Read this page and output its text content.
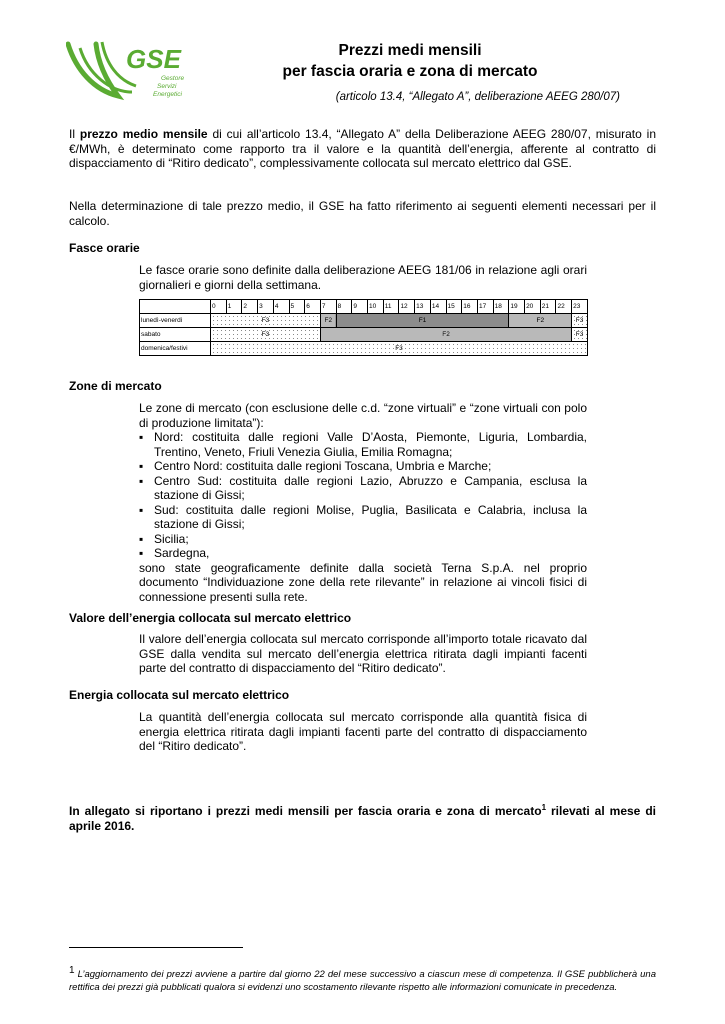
GSE
Gestore
Servizi
Energetici
Prezzi medi mensili
per fascia oraria e zona di mercato
(articolo 13.4, “Allegato A”, deliberazione AEEG 280/07)
Il prezzo medio mensile di cui all’articolo 13.4, “Allegato A” della Deliberazione AEEG 280/07, misurato in €/MWh, è determinato come rapporto tra il valore e la quantità dell’energia, afferente al contratto di dispacciamento di “Ritiro dedicato”, complessivamente collocata sul mercato elettrico dal GSE.
Nella determinazione di tale prezzo medio, il GSE ha fatto riferimento ai seguenti elementi necessari per il calcolo.
Fasce orarie
Le fasce orarie sono definite dalla deliberazione AEEG 181/06 in relazione agli orari giornalieri e giorni della settimana.
	0	1	2	3	4	5	6	7	8	9	10	11	12	13	14	15	16	17	18	19	20	21	22	23
lunedì-venerdì	F3							F2	F1											F2				F3
sabato	F3							F2																F3
domenica/festivi	F3																							
Zone di mercato
Le zone di mercato (con esclusione delle c.d. “zone virtuali” e “zone virtuali con polo di produzione limitata”):
▪ Nord: costituita dalle regioni Valle D’Aosta, Piemonte, Liguria, Lombardia, Trentino, Veneto, Friuli Venezia Giulia, Emilia Romagna;
▪ Centro Nord: costituita dalle regioni Toscana, Umbria e Marche;
▪ Centro Sud: costituita dalle regioni Lazio, Abruzzo e Campania, esclusa la stazione di Gissi;
▪ Sud: costituita dalle regioni Molise, Puglia, Basilicata e Calabria, inclusa la stazione di Gissi;
▪ Sicilia;
▪ Sardegna,
sono state geograficamente definite dalla società Terna S.p.A. nel proprio documento “Individuazione zone della rete rilevante” in relazione ai vincoli fisici di connessione presenti sulla rete.
Valore dell’energia collocata sul mercato elettrico
Il valore dell’energia collocata sul mercato corrisponde all’importo totale ricavato dal GSE dalla vendita sul mercato dell’energia elettrica ritirata dagli impianti facenti parte del contratto di dispacciamento del “Ritiro dedicato”.
Energia collocata sul mercato elettrico
La quantità dell’energia collocata sul mercato corrisponde alla quantità fisica di energia elettrica ritirata dagli impianti facenti parte del contratto di dispacciamento del “Ritiro dedicato”.
In allegato si riportano i prezzi medi mensili per fascia oraria e zona di mercato$^1$ rilevati al mese di aprile 2016.
$^1$ L’aggiornamento dei prezzi avviene a partire dal giorno 22 del mese successivo a ciascun mese di competenza. Il GSE pubblicherà una rettifica dei prezzi già pubblicati qualora si evidenzi uno scostamento rilevante rispetto alle informazioni comunicate in precedenza.
